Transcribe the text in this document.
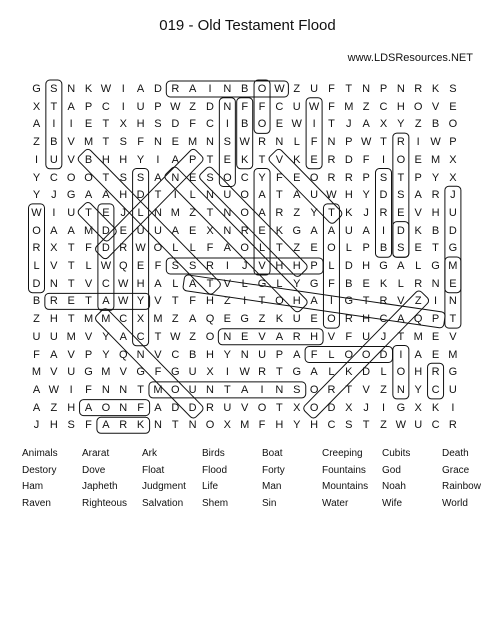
019 - Old Testament Flood
www.LDSResources.NET
G S N K W I	A D R A	I	N B O W Z U F T N P N R K S
X T A P C	I	U P W Z D N F F C U W F M Z C H O V E
A	I	I	E T X H S D F C	I	B O E W I	T	J A X Y Z B O
Z B V M T S F N E M N S W R N L F N P W T R	I W P
I	U V B H H Y	I	A P T E K T V K E R D F	I	O E M X
Y C O O T S S A N E S O C Y F E O R R P S T P Y X
Y J G A A H D T	I	L N U O A T A U W H Y D S A R J
W I	U T E J	L N M Z T N O A R Z Y T K J R E V H U
O A A M D E U U A E X N R E K G A A U A	I	D K B D
R X T F D R W O L	L F A O L T Z E O L P B S E T G
L V T L W Q E F S S R	I	J V H H P L D H G A L G M
D N T V C W H A L A T V L G L Y G F B E K L R N E
B R E T A W Y V T F H Z	I	T O H A	I	G T R V Z	I	N
Z H T M M C X M Z A Q E G Z K U E O R H C A Q P T
U U M V Y A C T W Z O N E V A R H V F U J	T M E V
F A V P Y Q N V C B H Y N U P A F L O O D	I	A E M
M V U G M V G F G U X	I W R T G A L K D L O H R G
A W I	F N N T M O U N T A	I	N S O R T V Z N Y C U
A Z H A O N F A D D R U V O T X O D X J	I	G X K	I
J H S F A R K N T N O X M F H Y H C S T Z W U C R
Animals Ararat	Ark	Birds	Boat	Creeping Cubits	Death
Destory	Dove	Float	Flood	Forty	Fountains God	Grace
Ham	Japheth Judgment Life	Man	Mountains Noah	Rainbow
Raven	Righteous Salvation Shem	Sin	Water	Wife	World
